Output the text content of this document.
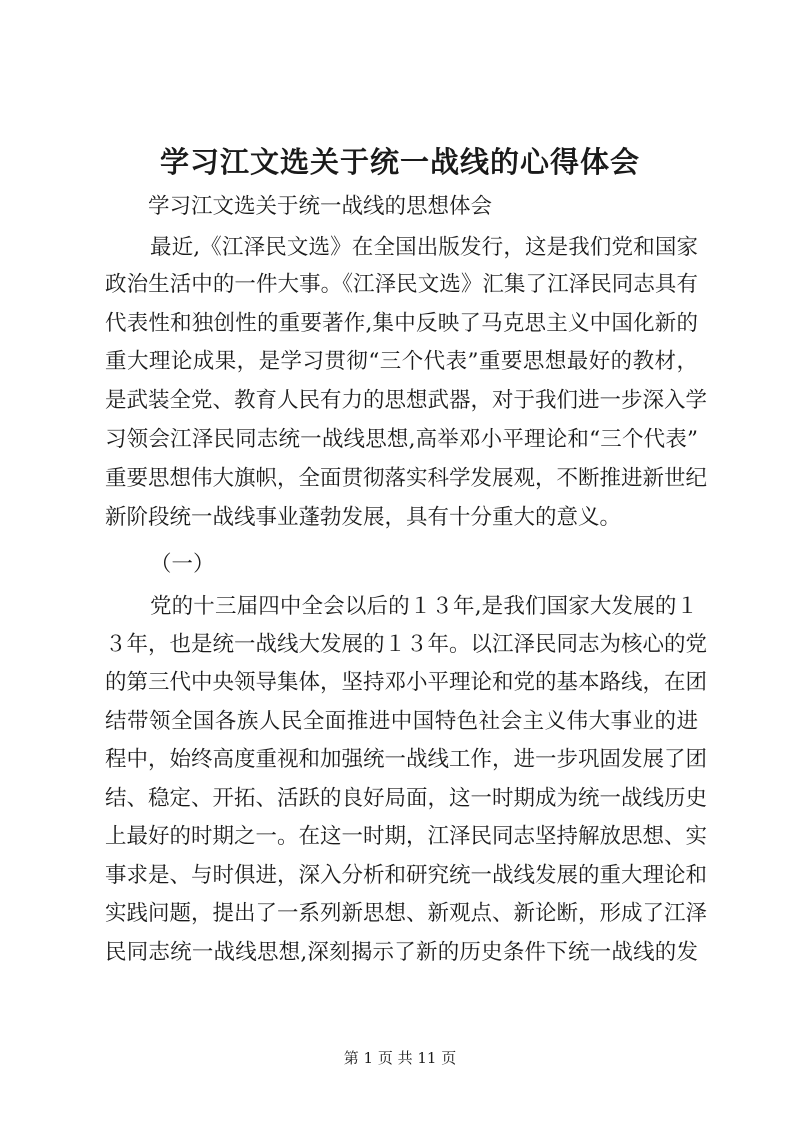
学习江文选关于统一战线的心得体会

学习江文选关于统一战线的思想体会

最近,《江泽民文选》在全国出版发行，这是我们党和国家

政治生活中的一件大事。《江泽民文选》汇集了江泽民同志具有

代表性和独创性的重要著作,集中反映了马克思主义中国化新的

重大理论成果，是学习贯彻“三个代表”重要思想最好的教材，

是武装全党、教育人民有力的思想武器，对于我们进一步深入学

习领会江泽民同志统一战线思想,高举邓小平理论和“三个代表”

重要思想伟大旗帜，全面贯彻落实科学发展观，不断推进新世纪

新阶段统一战线事业蓬勃发展，具有十分重大的意义。

（一）

党的十三届四中全会以后的１３年,是我们国家大发展的１

３年，也是统一战线大发展的１３年。以江泽民同志为核心的党

的第三代中央领导集体，坚持邓小平理论和党的基本路线，在团

结带领全国各族人民全面推进中国特色社会主义伟大事业的进

程中，始终高度重视和加强统一战线工作，进一步巩固发展了团

结、稳定、开拓、活跃的良好局面，这一时期成为统一战线历史

上最好的时期之一。在这一时期，江泽民同志坚持解放思想、实

事求是、与时俱进，深入分析和研究统一战线发展的重大理论和

实践问题，提出了一系列新思想、新观点、新论断，形成了江泽

民同志统一战线思想,深刻揭示了新的历史条件下统一战线的发

第 1 页 共 11 页
